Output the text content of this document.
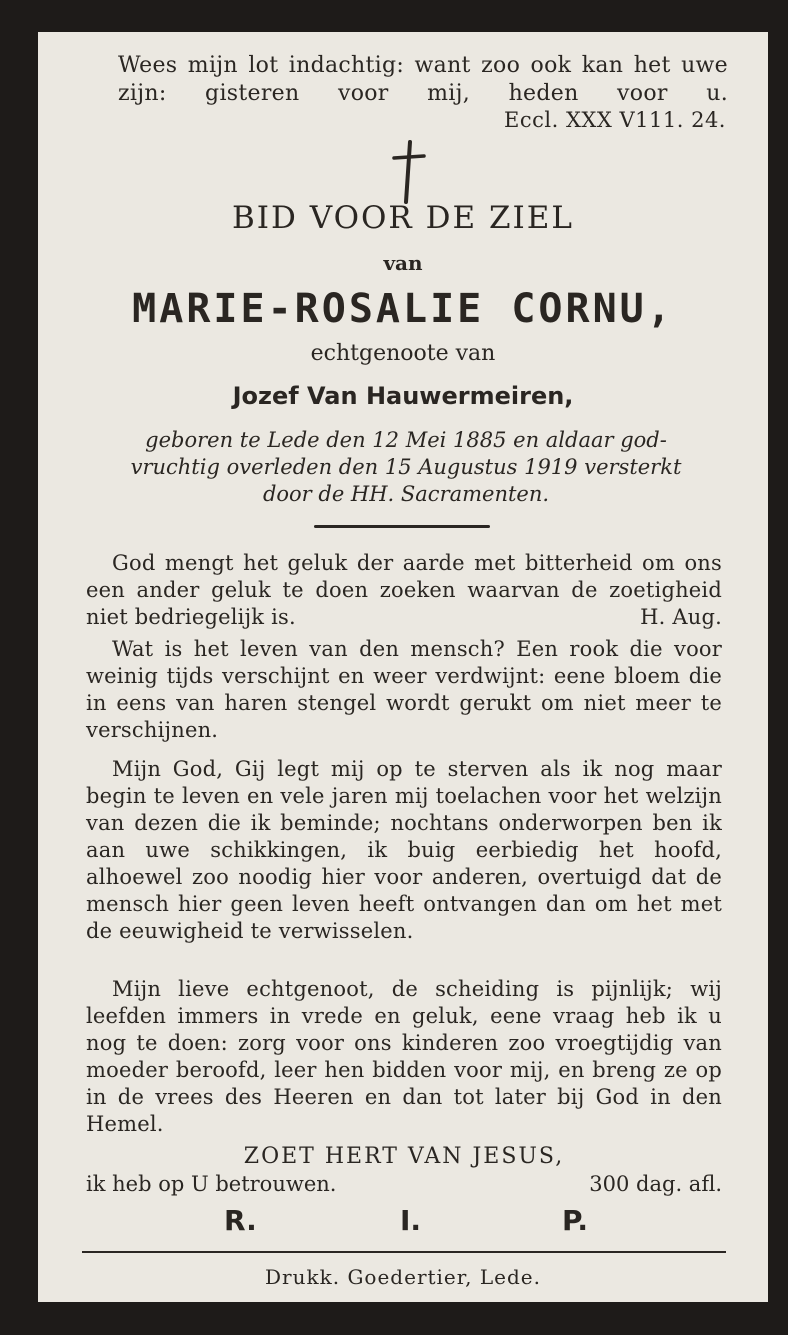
Wees mijn lot indachtig: want zoo ook kan het uwe zijn: gisteren voor mij, heden voor u.
Eccl. XXX V111. 24.
BID VOOR DE ZIEL
van
MARIE-ROSALIE CORNU,
echtgenoote van
Jozef Van Hauwermeiren,
geboren te Lede den 12 Mei 1885 en aldaar god-
vruchtig overleden den 15 Augustus 1919 versterkt
door de HH. Sacramenten.
God mengt het geluk der aarde met bitterheid om ons een ander geluk te doen zoeken waarvan de zoetigheid niet bedriegelijk is.	H. Aug.
Wat is het leven van den mensch? Een rook die voor weinig tijds verschijnt en weer verdwijnt: eene bloem die in eens van haren stengel wordt gerukt om niet meer te verschijnen.
Mijn God, Gij legt mij op te sterven als ik nog maar begin te leven en vele jaren mij toelachen voor het welzijn van dezen die ik beminde; nochtans onderworpen ben ik aan uwe schikkingen, ik buig eerbiedig het hoofd, alhoewel zoo noodig hier voor anderen, overtuigd dat de mensch hier geen leven heeft ontvangen dan om het met de eeuwigheid te verwisselen.
Mijn lieve echtgenoot, de scheiding is pijnlijk; wij leefden immers in vrede en geluk, eene vraag heb ik u nog te doen: zorg voor ons kinderen zoo vroegtijdig van moeder beroofd, leer hen bidden voor mij, en breng ze op in de vrees des Heeren en dan tot later bij God in den Hemel.
ZOET HERT VAN JESUS,
ik heb op U betrouwen.	300 dag. afl.
R.	I.	P.
Drukk. Goedertier, Lede.
